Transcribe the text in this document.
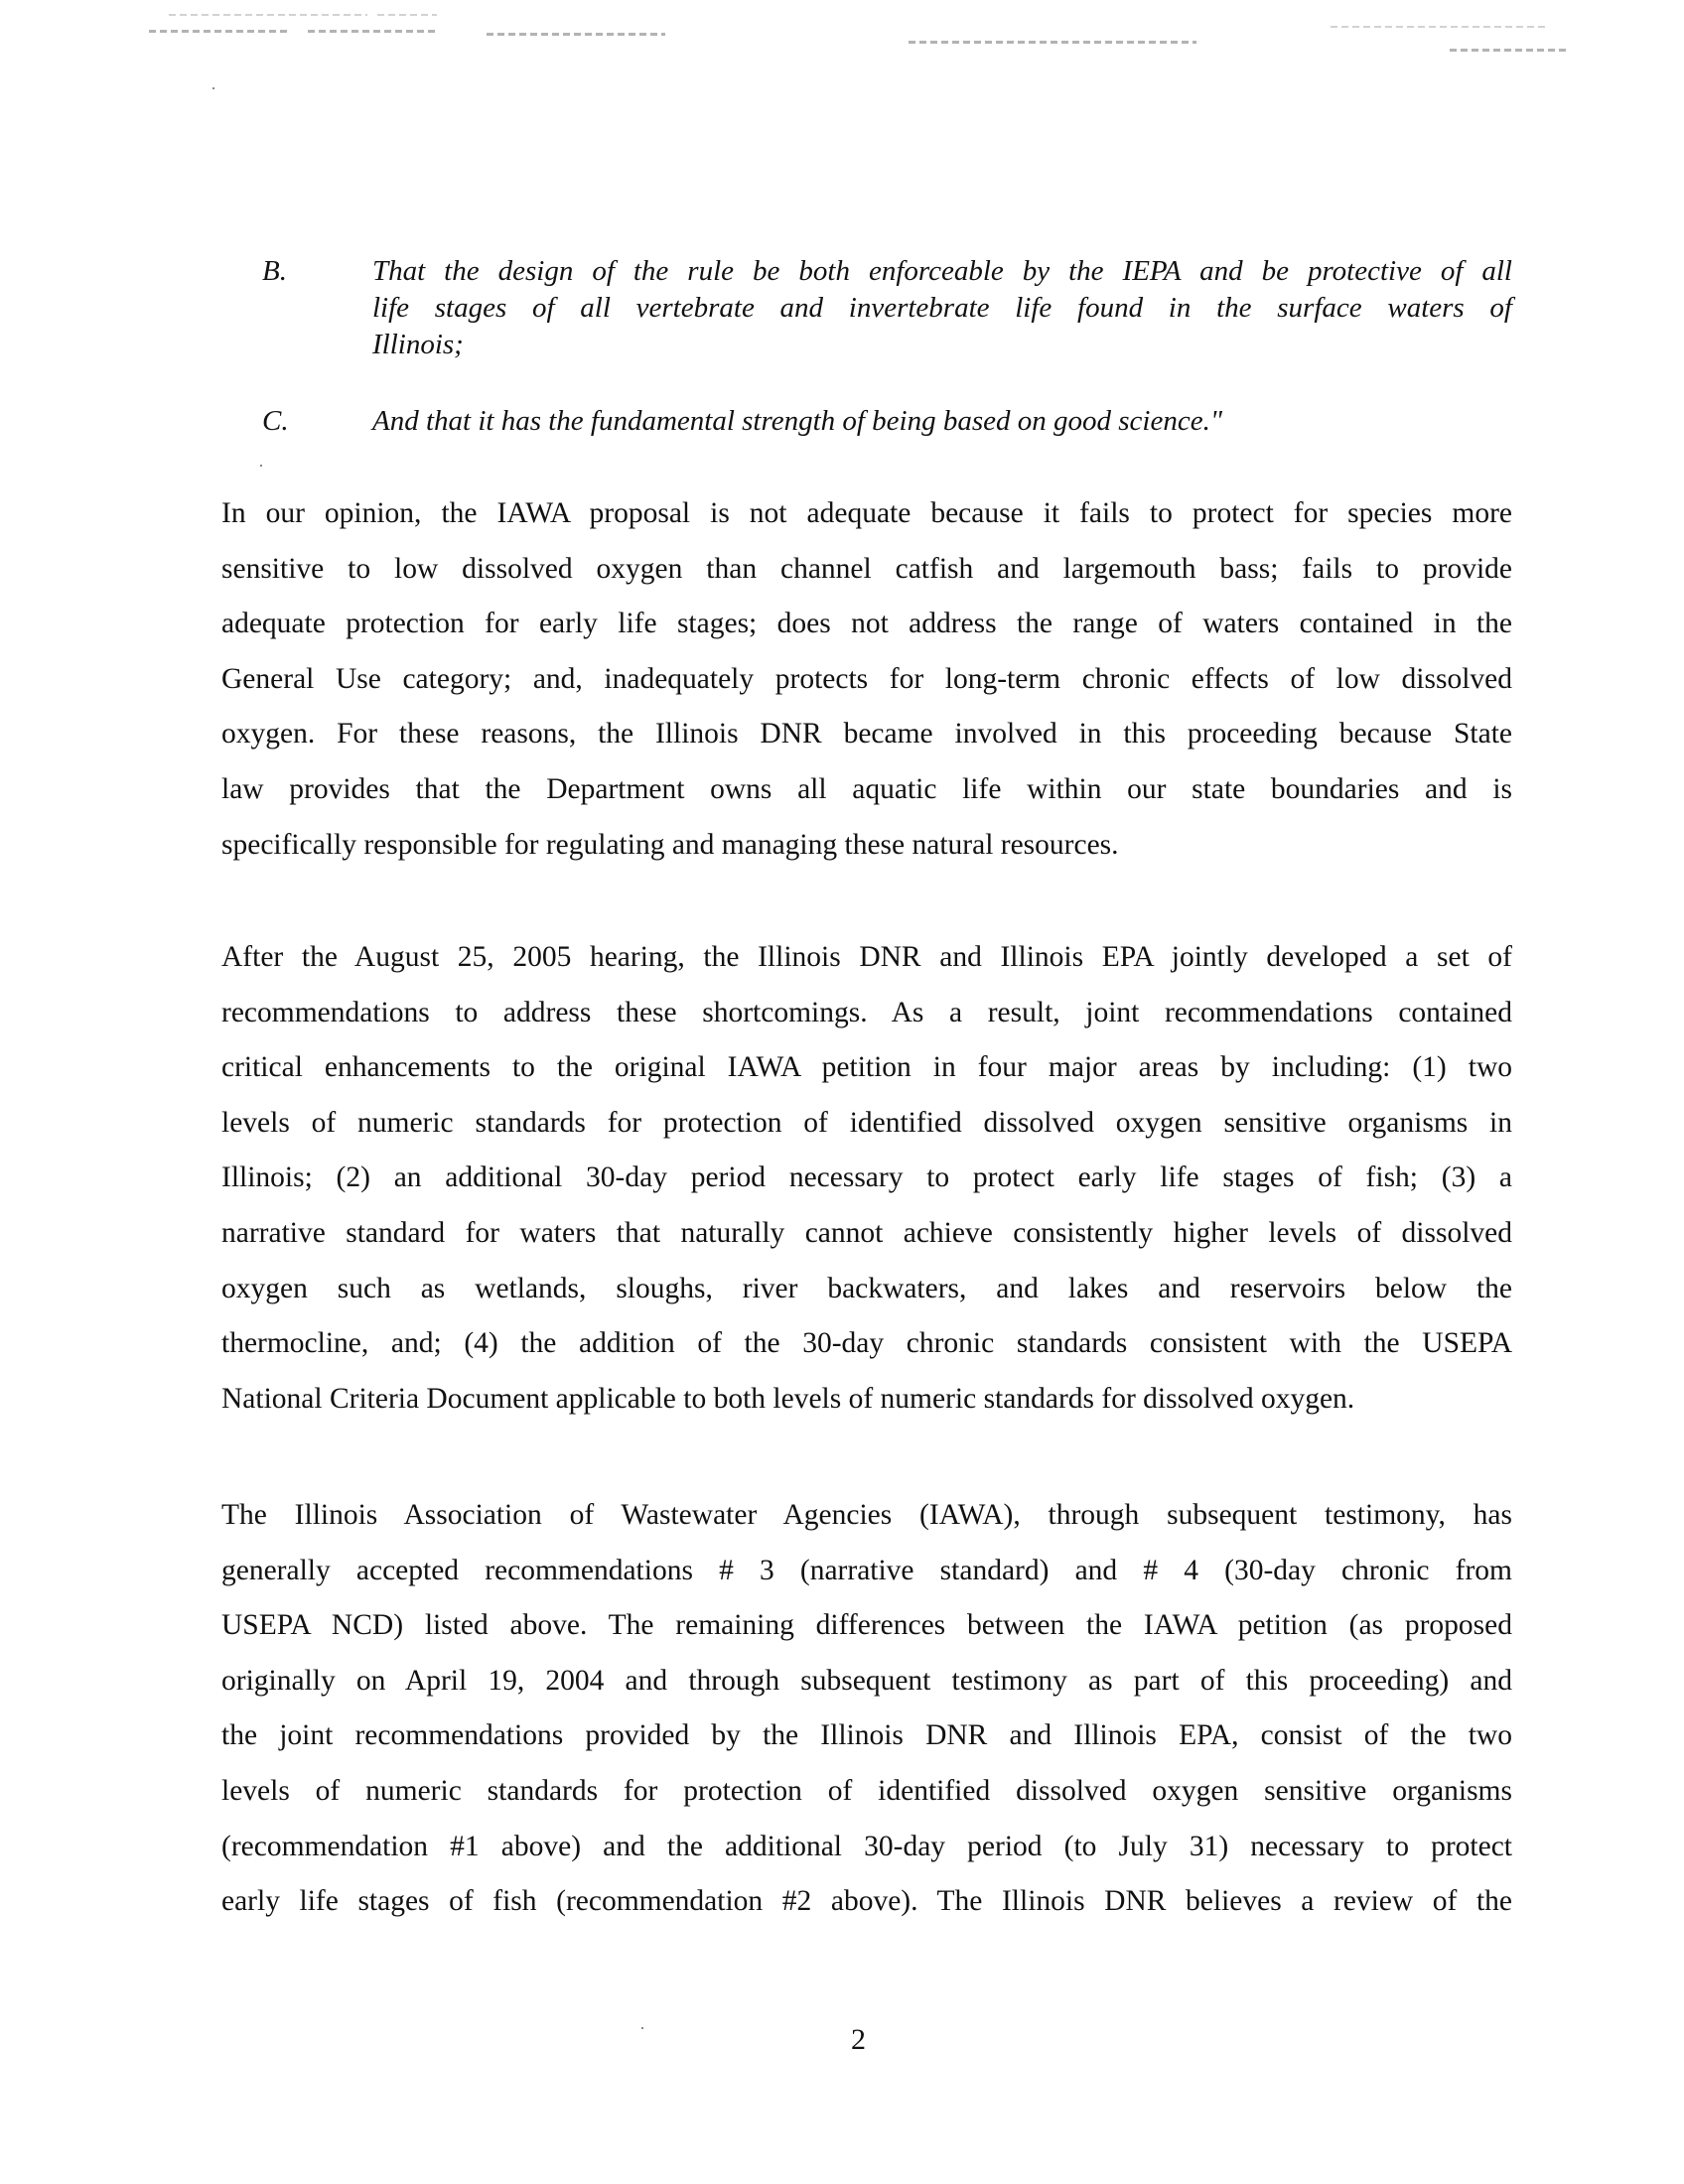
B.	That the design of the rule be both enforceable by the IEPA and be protective of all
life stages of all vertebrate and invertebrate life found in the surface waters of
Illinois;
C.	And that it has the fundamental strength of being based on good science."
In our opinion, the IAWA proposal is not adequate because it fails to protect for species more
sensitive to low dissolved oxygen than channel catfish and largemouth bass; fails to provide
adequate protection for early life stages; does not address the range of waters contained in the
General Use category; and, inadequately protects for long-term chronic effects of low dissolved
oxygen. For these reasons, the Illinois DNR became involved in this proceeding because State
law provides that the Department owns all aquatic life within our state boundaries and is
specifically responsible for regulating and managing these natural resources.
After the August 25, 2005 hearing, the Illinois DNR and Illinois EPA jointly developed a set of
recommendations to address these shortcomings. As a result, joint recommendations contained
critical enhancements to the original IAWA petition in four major areas by including: (1) two
levels of numeric standards for protection of identified dissolved oxygen sensitive organisms in
Illinois; (2) an additional 30-day period necessary to protect early life stages of fish; (3) a
narrative standard for waters that naturally cannot achieve consistently higher levels of dissolved
oxygen such as wetlands, sloughs, river backwaters, and lakes and reservoirs below the
thermocline, and; (4) the addition of the 30-day chronic standards consistent with the USEPA
National Criteria Document applicable to both levels of numeric standards for dissolved oxygen.
The Illinois Association of Wastewater Agencies (IAWA), through subsequent testimony, has
generally accepted recommendations # 3 (narrative standard) and # 4 (30-day chronic from
USEPA NCD) listed above. The remaining differences between the IAWA petition (as proposed
originally on April 19, 2004 and through subsequent testimony as part of this proceeding) and
the joint recommendations provided by the Illinois DNR and Illinois EPA, consist of the two
levels of numeric standards for protection of identified dissolved oxygen sensitive organisms
(recommendation #1 above) and the additional 30-day period (to July 31) necessary to protect
early life stages of fish (recommendation #2 above). The Illinois DNR believes a review of the
2
